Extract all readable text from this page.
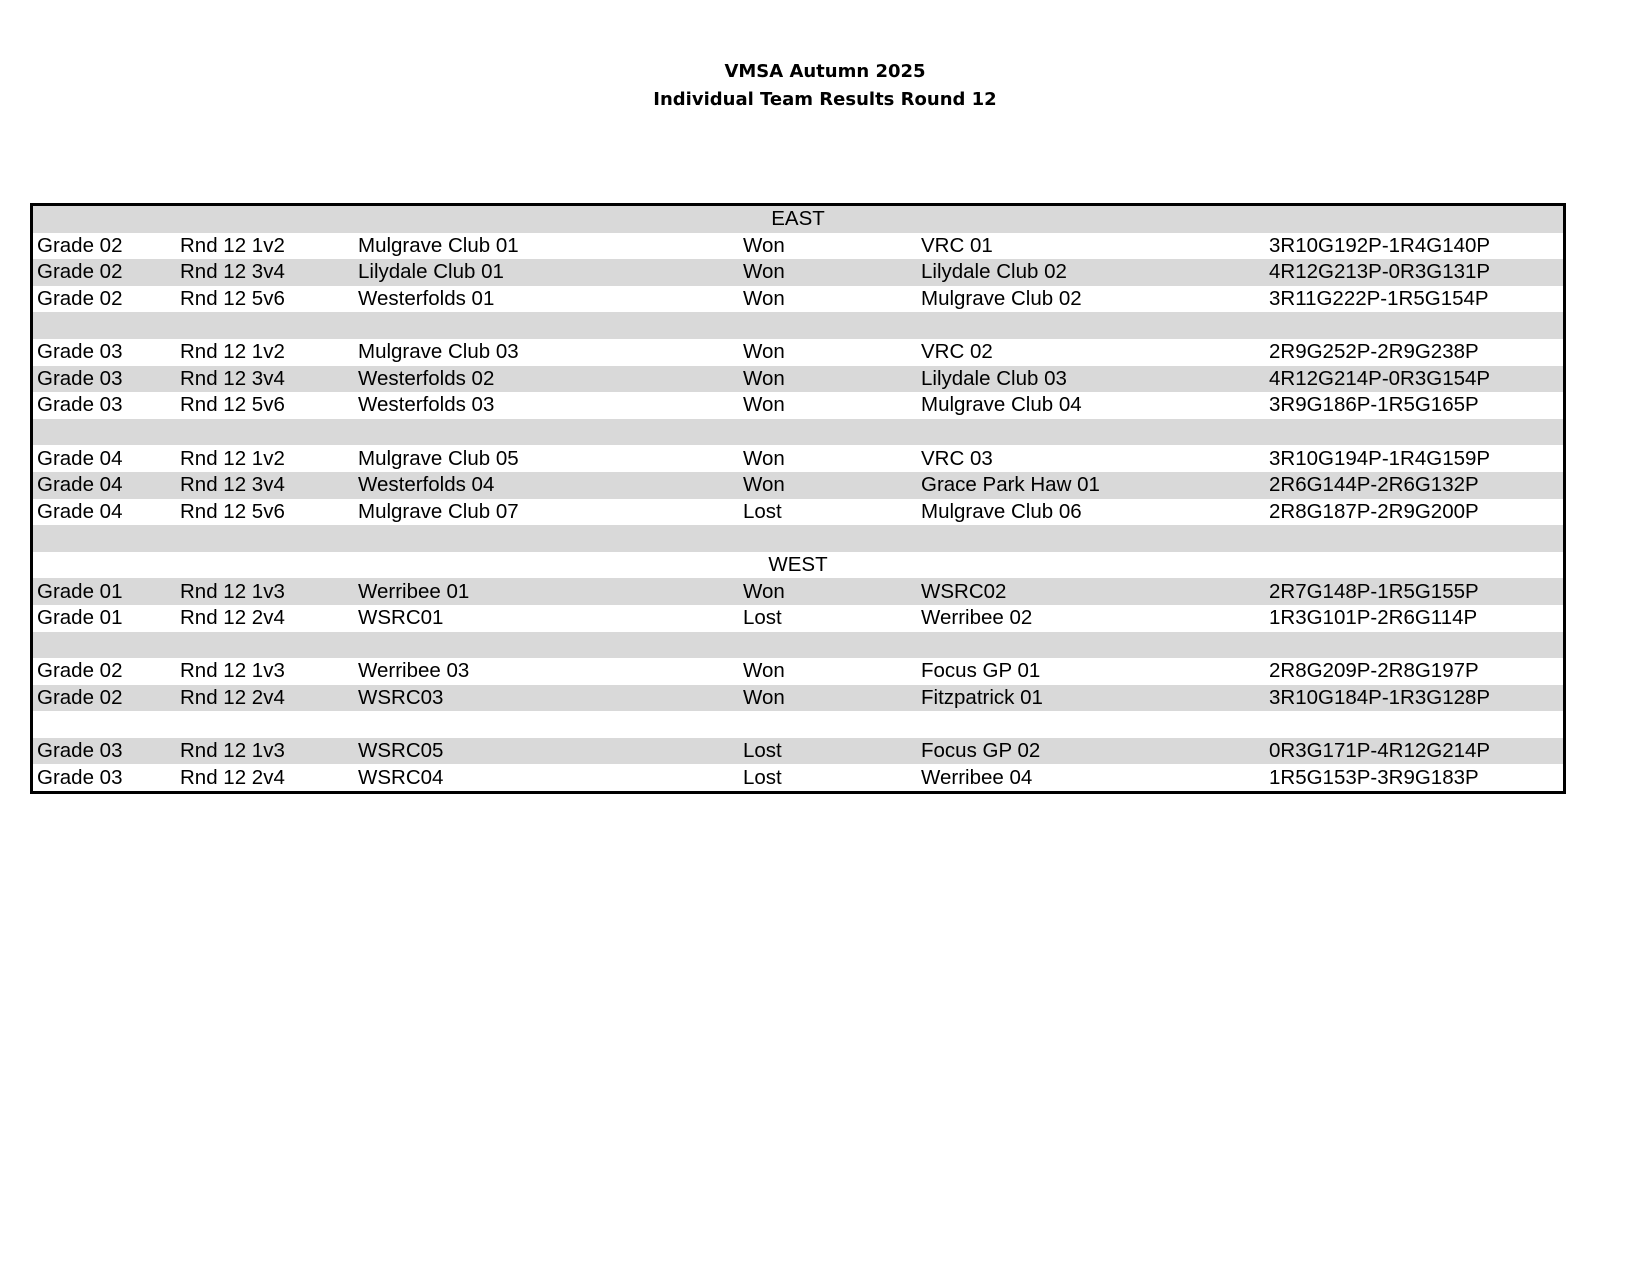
VMSA Autumn 2025
Individual Team Results Round 12
EAST
Grade 02	Rnd 12 1v2	Mulgrave Club 01	Won	VRC 01	3R10G192P-1R4G140P
Grade 02	Rnd 12 3v4	Lilydale Club 01	Won	Lilydale Club 02	4R12G213P-0R3G131P
Grade 02	Rnd 12 5v6	Westerfolds 01	Won	Mulgrave Club 02	3R11G222P-1R5G154P
Grade 03	Rnd 12 1v2	Mulgrave Club 03	Won	VRC 02	2R9G252P-2R9G238P
Grade 03	Rnd 12 3v4	Westerfolds 02	Won	Lilydale Club 03	4R12G214P-0R3G154P
Grade 03	Rnd 12 5v6	Westerfolds 03	Won	Mulgrave Club 04	3R9G186P-1R5G165P
Grade 04	Rnd 12 1v2	Mulgrave Club 05	Won	VRC 03	3R10G194P-1R4G159P
Grade 04	Rnd 12 3v4	Westerfolds 04	Won	Grace Park Haw 01	2R6G144P-2R6G132P
Grade 04	Rnd 12 5v6	Mulgrave Club 07	Lost	Mulgrave Club 06	2R8G187P-2R9G200P
WEST
Grade 01	Rnd 12 1v3	Werribee 01	Won	WSRC02	2R7G148P-1R5G155P
Grade 01	Rnd 12 2v4	WSRC01	Lost	Werribee 02	1R3G101P-2R6G114P
Grade 02	Rnd 12 1v3	Werribee 03	Won	Focus GP 01	2R8G209P-2R8G197P
Grade 02	Rnd 12 2v4	WSRC03	Won	Fitzpatrick 01	3R10G184P-1R3G128P
Grade 03	Rnd 12 1v3	WSRC05	Lost	Focus GP 02	0R3G171P-4R12G214P
Grade 03	Rnd 12 2v4	WSRC04	Lost	Werribee 04	1R5G153P-3R9G183P
